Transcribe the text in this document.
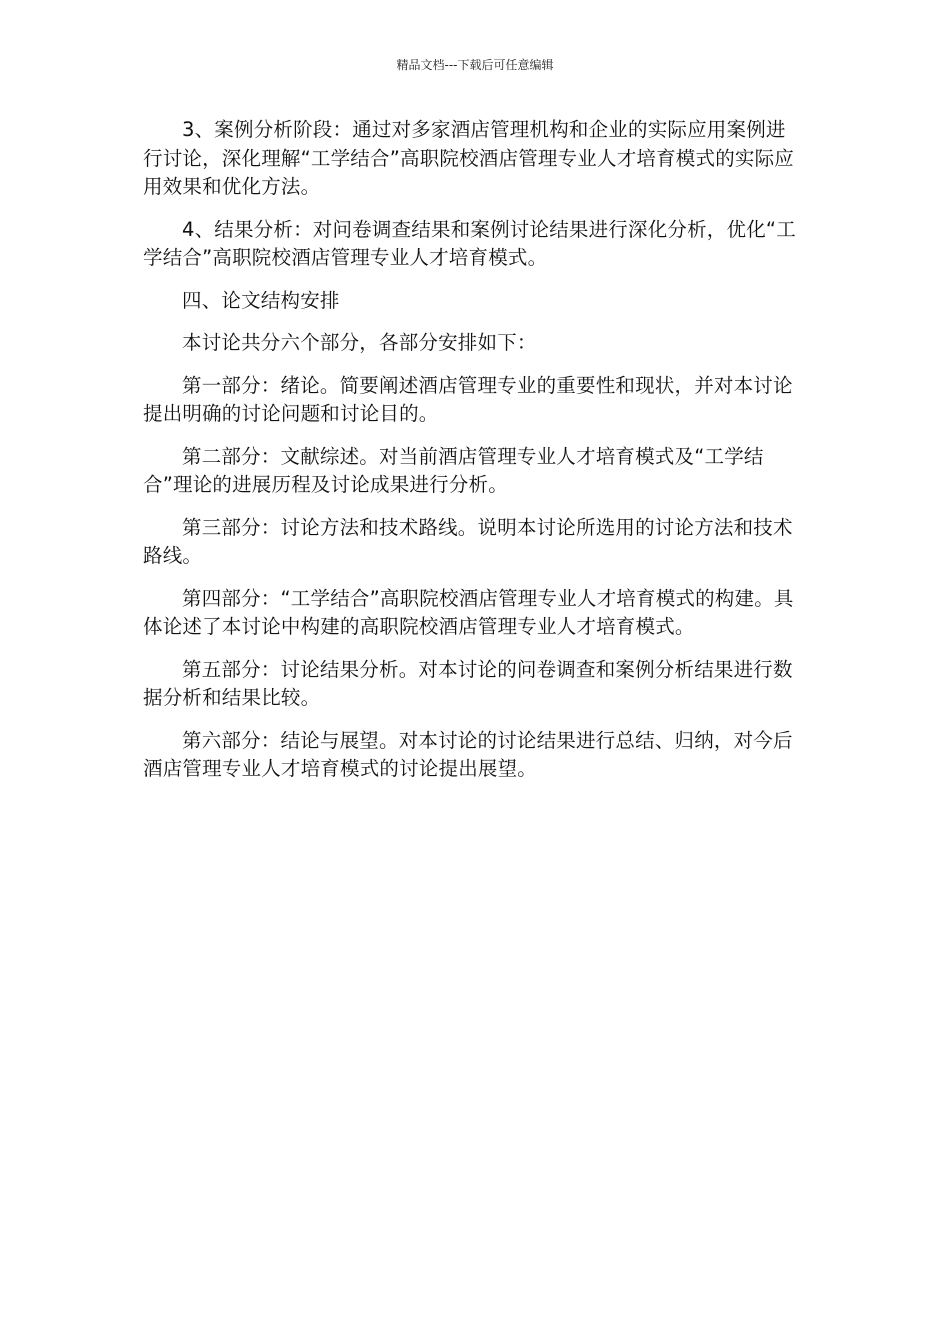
精品文档---下载后可任意编辑

3、案例分析阶段：通过对多家酒店管理机构和企业的实际应用案例进行讨论，深化理解“工学结合”高职院校酒店管理专业人才培育模式的实际应用效果和优化方法。

4、结果分析：对问卷调查结果和案例讨论结果进行深化分析，优化“工学结合”高职院校酒店管理专业人才培育模式。

四、论文结构安排

本讨论共分六个部分，各部分安排如下：

第一部分：绪论。简要阐述酒店管理专业的重要性和现状，并对本讨论提出明确的讨论问题和讨论目的。

第二部分：文献综述。对当前酒店管理专业人才培育模式及“工学结合”理论的进展历程及讨论成果进行分析。

第三部分：讨论方法和技术路线。说明本讨论所选用的讨论方法和技术路线。

第四部分：“工学结合”高职院校酒店管理专业人才培育模式的构建。具体论述了本讨论中构建的高职院校酒店管理专业人才培育模式。

第五部分：讨论结果分析。对本讨论的问卷调查和案例分析结果进行数据分析和结果比较。

第六部分：结论与展望。对本讨论的讨论结果进行总结、归纳，对今后酒店管理专业人才培育模式的讨论提出展望。
